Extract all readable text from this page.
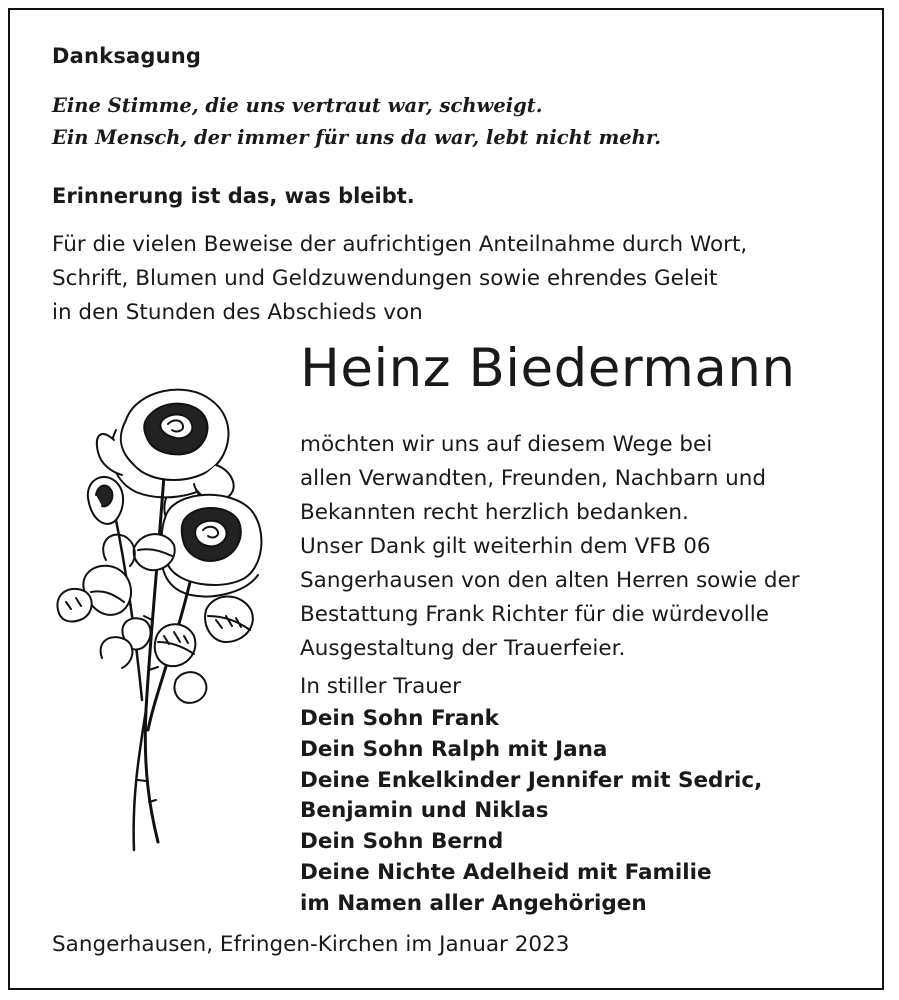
Danksagung
Eine Stimme, die uns vertraut war, schweigt.
Ein Mensch, der immer für uns da war, lebt nicht mehr.
Erinnerung ist das, was bleibt.
Für die vielen Beweise der aufrichtigen Anteilnahme durch Wort,
Schrift, Blumen und Geldzuwendungen sowie ehrendes Geleit
in den Stunden des Abschieds von
Heinz Biedermann
möchten wir uns auf diesem Wege bei
allen Verwandten, Freunden, Nachbarn und
Bekannten recht herzlich bedanken.
Unser Dank gilt weiterhin dem VFB 06
Sangerhausen von den alten Herren sowie der
Bestattung Frank Richter für die würdevolle
Ausgestaltung der Trauerfeier.
In stiller Trauer
Dein Sohn Frank
Dein Sohn Ralph mit Jana
Deine Enkelkinder Jennifer mit Sedric,
Benjamin und Niklas
Dein Sohn Bernd
Deine Nichte Adelheid mit Familie
im Namen aller Angehörigen
Sangerhausen, Efringen-Kirchen im Januar 2023
